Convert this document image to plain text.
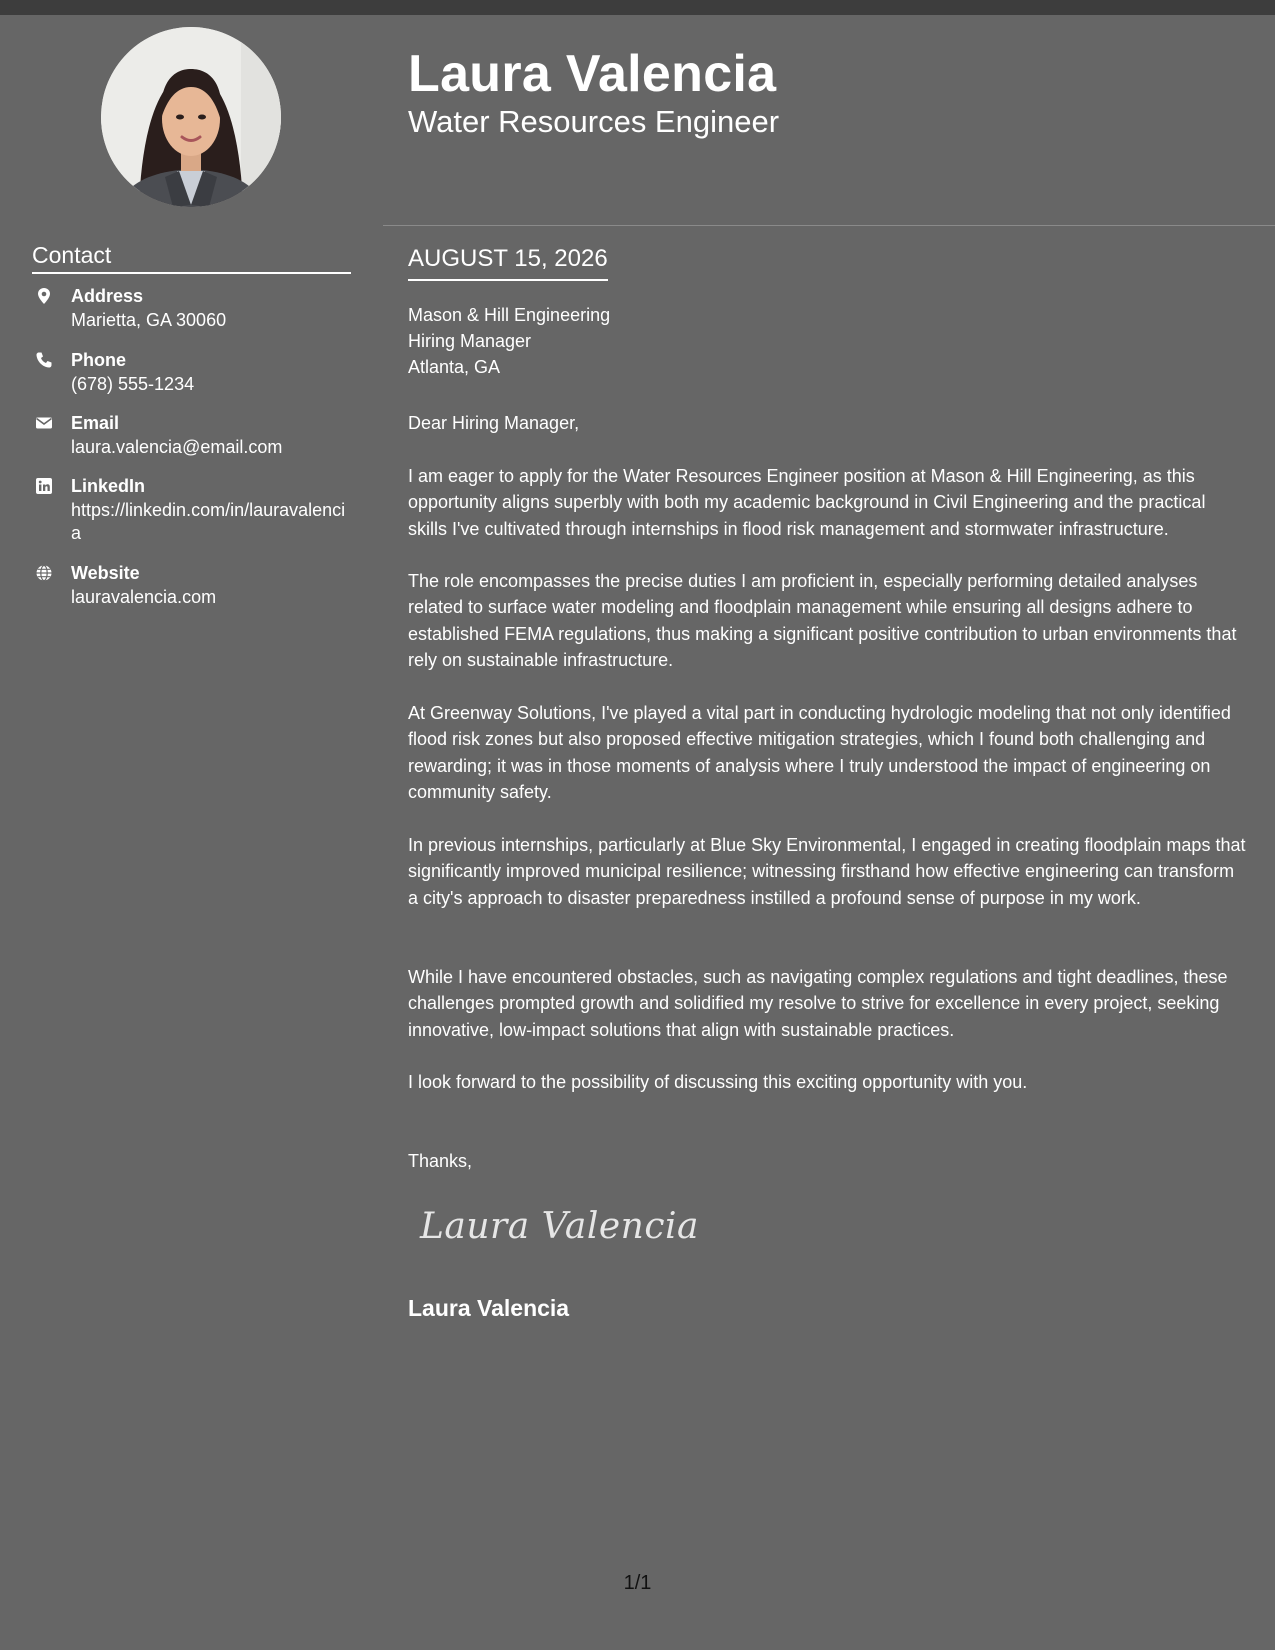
Laura Valencia
Water Resources Engineer
Contact
Address
Marietta, GA 30060
Phone
(678) 555-1234
Email
laura.valencia@email.com
LinkedIn
https://linkedin.com/in/lauravalencia
Website
lauravalencia.com
AUGUST 15, 2026
Mason & Hill Engineering
Hiring Manager
Atlanta, GA
Dear Hiring Manager,

I am eager to apply for the Water Resources Engineer position at Mason & Hill Engineering, as this opportunity aligns superbly with both my academic background in Civil Engineering and the practical skills I've cultivated through internships in flood risk management and stormwater infrastructure.

The role encompasses the precise duties I am proficient in, especially performing detailed analyses related to surface water modeling and floodplain management while ensuring all designs adhere to established FEMA regulations, thus making a significant positive contribution to urban environments that rely on sustainable infrastructure.

At Greenway Solutions, I've played a vital part in conducting hydrologic modeling that not only identified flood risk zones but also proposed effective mitigation strategies, which I found both challenging and rewarding; it was in those moments of analysis where I truly understood the impact of engineering on community safety.

In previous internships, particularly at Blue Sky Environmental, I engaged in creating floodplain maps that significantly improved municipal resilience; witnessing firsthand how effective engineering can transform a city's approach to disaster preparedness instilled a profound sense of purpose in my work.

While I have encountered obstacles, such as navigating complex regulations and tight deadlines, these challenges prompted growth and solidified my resolve to strive for excellence in every project, seeking innovative, low-impact solutions that align with sustainable practices.

I look forward to the possibility of discussing this exciting opportunity with you.

Thanks,
Laura Valencia
Laura Valencia
1/1
